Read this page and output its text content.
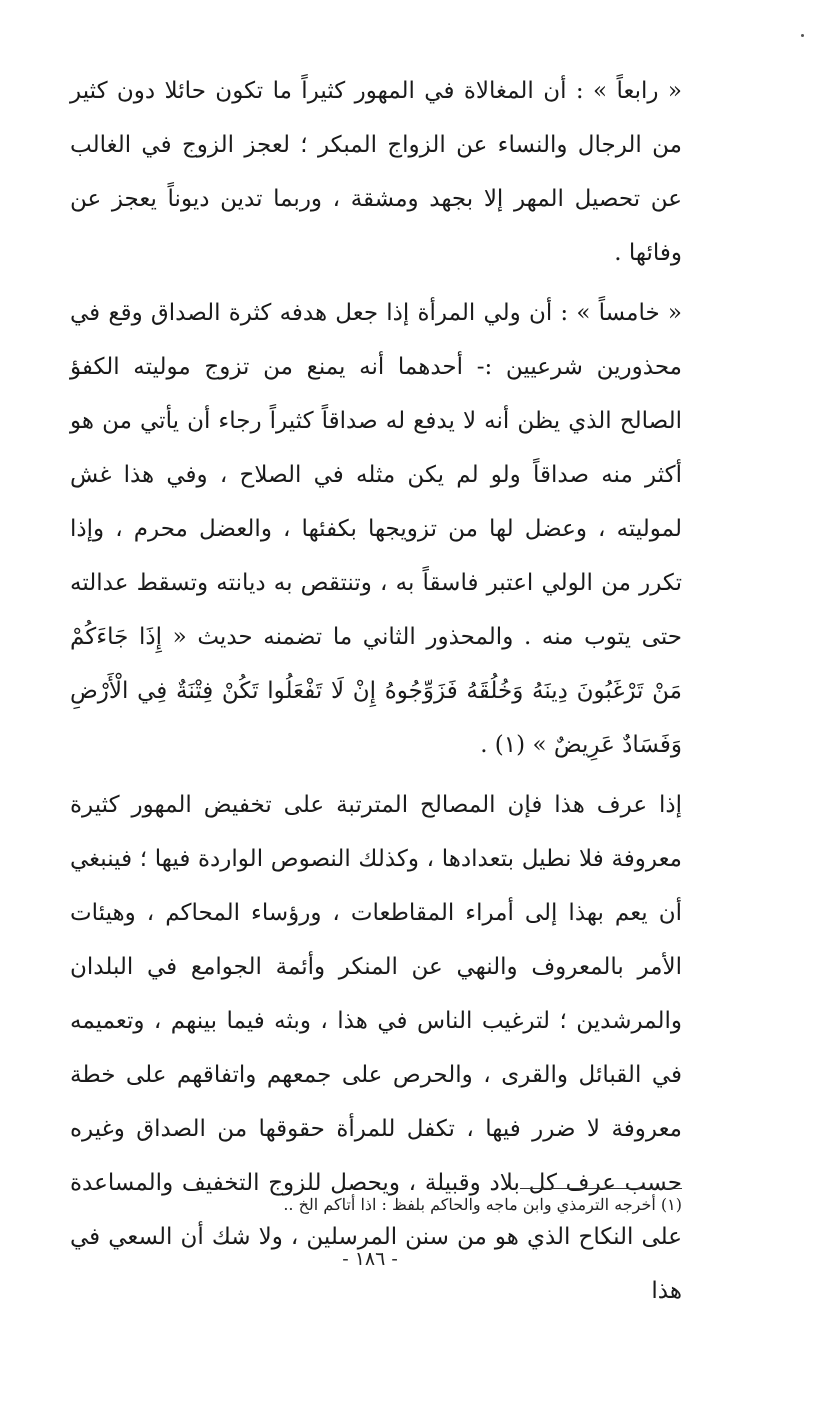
« رابعاً » : أن المغالاة في المهور كثيراً ما تكون حائلا دون كثير من الرجال والنساء عن الزواج المبكر ؛ لعجز الزوج في الغالب عن تحصيل المهر إلا بجهد ومشقة ، وربما تدين ديوناً يعجز عن وفائها .

« خامساً » : أن ولي المرأة إذا جعل هدفه كثرة الصداق وقع في محذورين شرعيين :- أحدهما أنه يمنع من تزوج موليته الكفؤ الصالح الذي يظن أنه لا يدفع له صداقاً كثيراً رجاء أن يأتي من هو أكثر منه صداقاً ولو لم يكن مثله في الصلاح ، وفي هذا غش لموليته ، وعضل لها من تزويجها بكفئها ، والعضل محرم ، وإذا تكرر من الولي اعتبر فاسقاً به ، وتنتقص به ديانته وتسقط عدالته حتى يتوب منه . والمحذور الثاني ما تضمنه حديث « إِذَا جَاءَكُمْ مَنْ تَرْغَبُونَ دِينَهُ وَخُلُقَهُ فَزَوِّجُوهُ إِنْ لَا تَفْعَلُوا تَكُنْ فِتْنَةٌ فِي الْأَرْضِ وَفَسَادٌ عَرِيضٌ » (١) .

إذا عرف هذا فإن المصالح المترتبة على تخفيض المهور كثيرة معروفة فلا نطيل بتعدادها ، وكذلك النصوص الواردة فيها ؛ فينبغي أن يعم بهذا إلى أمراء المقاطعات ، ورؤساء المحاكم ، وهيئات الأمر بالمعروف والنهي عن المنكر وأئمة الجوامع في البلدان والمرشدين ؛ لترغيب الناس في هذا ، وبثه فيما بينهم ، وتعميمه في القبائل والقرى ، والحرص على جمعهم واتفاقهم على خطة معروفة لا ضرر فيها ، تكفل للمرأة حقوقها من الصداق وغيره حسب عرف كل بلاد وقبيلة ، ويحصل للزوج التخفيف والمساعدة على النكاح الذي هو من سنن المرسلين ، ولا شك أن السعي في هذا

(١) أخرجه الترمذي وابن ماجه والحاكم بلفظ : اذا أتاكم الخ ..
- ١٨٦ -
